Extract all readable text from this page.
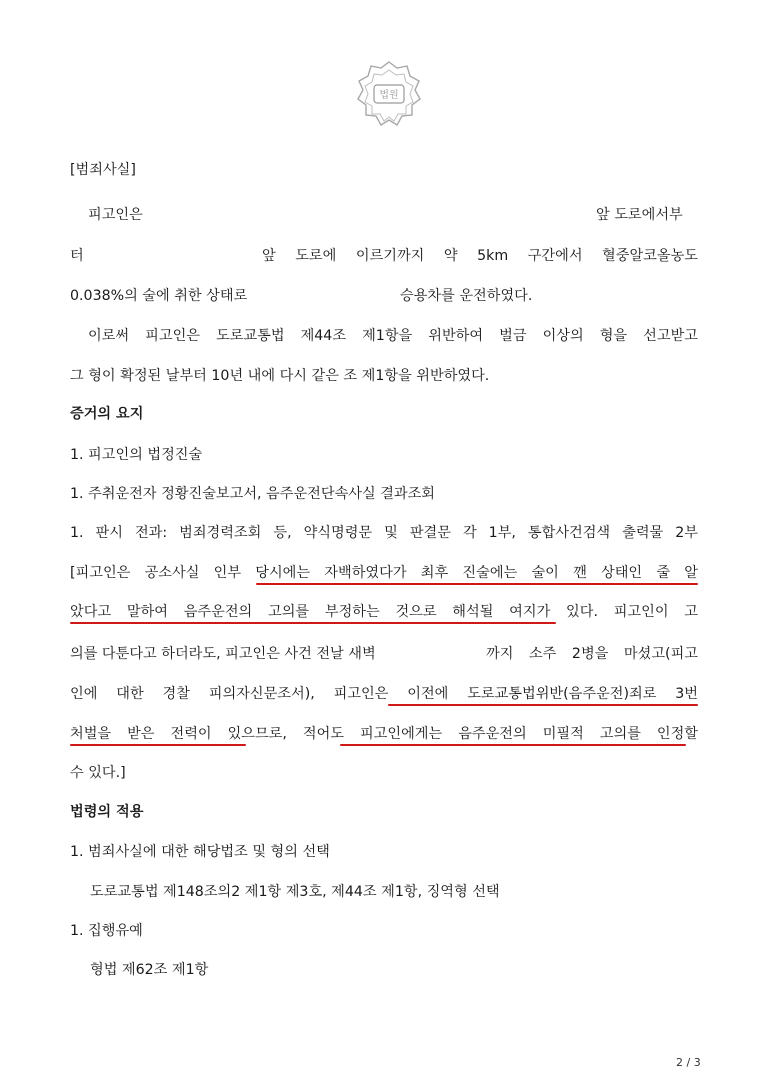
법원
[범죄사실]
피고인은	앞 도로에서부
터	앞 도로에 이르기까지 약 5km 구간에서 혈중알코올농도
0.038%의 술에 취한 상태로	승용차를 운전하였다.
이로써 피고인은 도로교통법 제44조 제1항을 위반하여 벌금 이상의 형을 선고받고
그 형이 확정된 날부터 10년 내에 다시 같은 조 제1항을 위반하였다.
증거의 요지
1. 피고인의 법정진술
1. 주취운전자 정황진술보고서, 음주운전단속사실 결과조회
1. 판시 전과: 범죄경력조회 등, 약식명령문 및 판결문 각 1부, 통합사건검색 출력물 2부
[피고인은 공소사실 인부 당시에는 자백하였다가 최후 진술에는 술이 깬 상태인 줄 알
았다고 말하여 음주운전의 고의를 부정하는 것으로 해석될 여지가 있다. 피고인이 고
의를 다툰다고 하더라도, 피고인은 사건 전날 새벽	까지 소주 2병을 마셨고(피고
인에 대한 경찰 피의자신문조서), 피고인은 이전에 도로교통법위반(음주운전)죄로 3번
처벌을 받은 전력이 있으므로, 적어도 피고인에게는 음주운전의 미필적 고의를 인정할
수 있다.]
법령의 적용
1. 범죄사실에 대한 해당법조 및 형의 선택
도로교통법 제148조의2 제1항 제3호, 제44조 제1항, 징역형 선택
1. 집행유예
형법 제62조 제1항
2 / 3
